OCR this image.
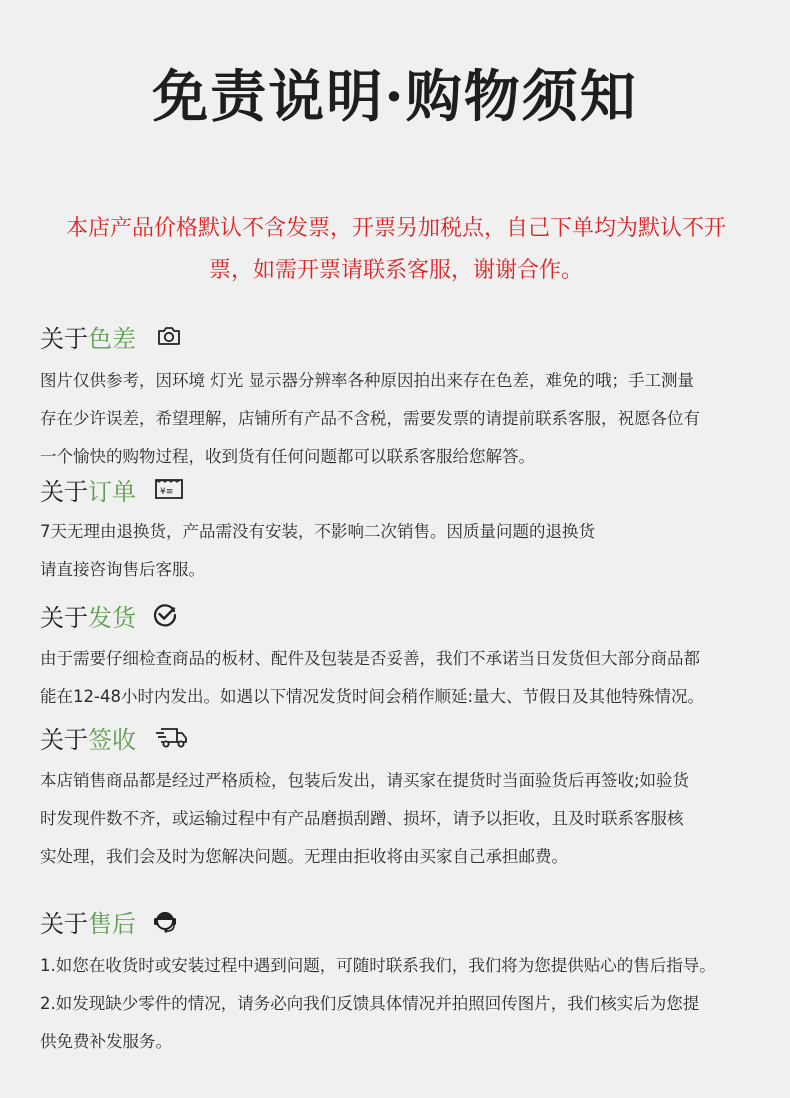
免责说明·购物须知
本店产品价格默认不含发票，开票另加税点，自己下单均为默认不开
票，如需开票请联系客服，谢谢合作。
关于 色差
图片仅供参考，因环境 灯光 显示器分辨率各种原因拍出来存在色差，难免的哦；手工测量
存在少许误差，希望理解，店铺所有产品不含税，需要发票的请提前联系客服，祝愿各位有
一个愉快的购物过程，收到货有任何问题都可以联系客服给您解答。
关于 订单	¥≡
7天无理由退换货，产品需没有安装，不影响二次销售。因质量问题的退换货
请直接咨询售后客服。
关于 发货
由于需要仔细检查商品的板材、配件及包装是否妥善，我们不承诺当日发货但大部分商品都
能在12-48小时内发出。如遇以下情况发货时间会稍作顺延:量大、节假日及其他特殊情况。
关于 签收
本店销售商品都是经过严格质检，包装后发出，请买家在提货时当面验货后再签收;如验货
时发现件数不齐，或运输过程中有产品磨损刮蹭、损坏，请予以拒收，且及时联系客服核
实处理，我们会及时为您解决问题。无理由拒收将由买家自己承担邮费。
关于 售后
1.如您在收货时或安装过程中遇到问题，可随时联系我们，我们将为您提供贴心的售后指导。
2.如发现缺少零件的情况，请务必向我们反馈具体情况并拍照回传图片，我们核实后为您提
供免费补发服务。
